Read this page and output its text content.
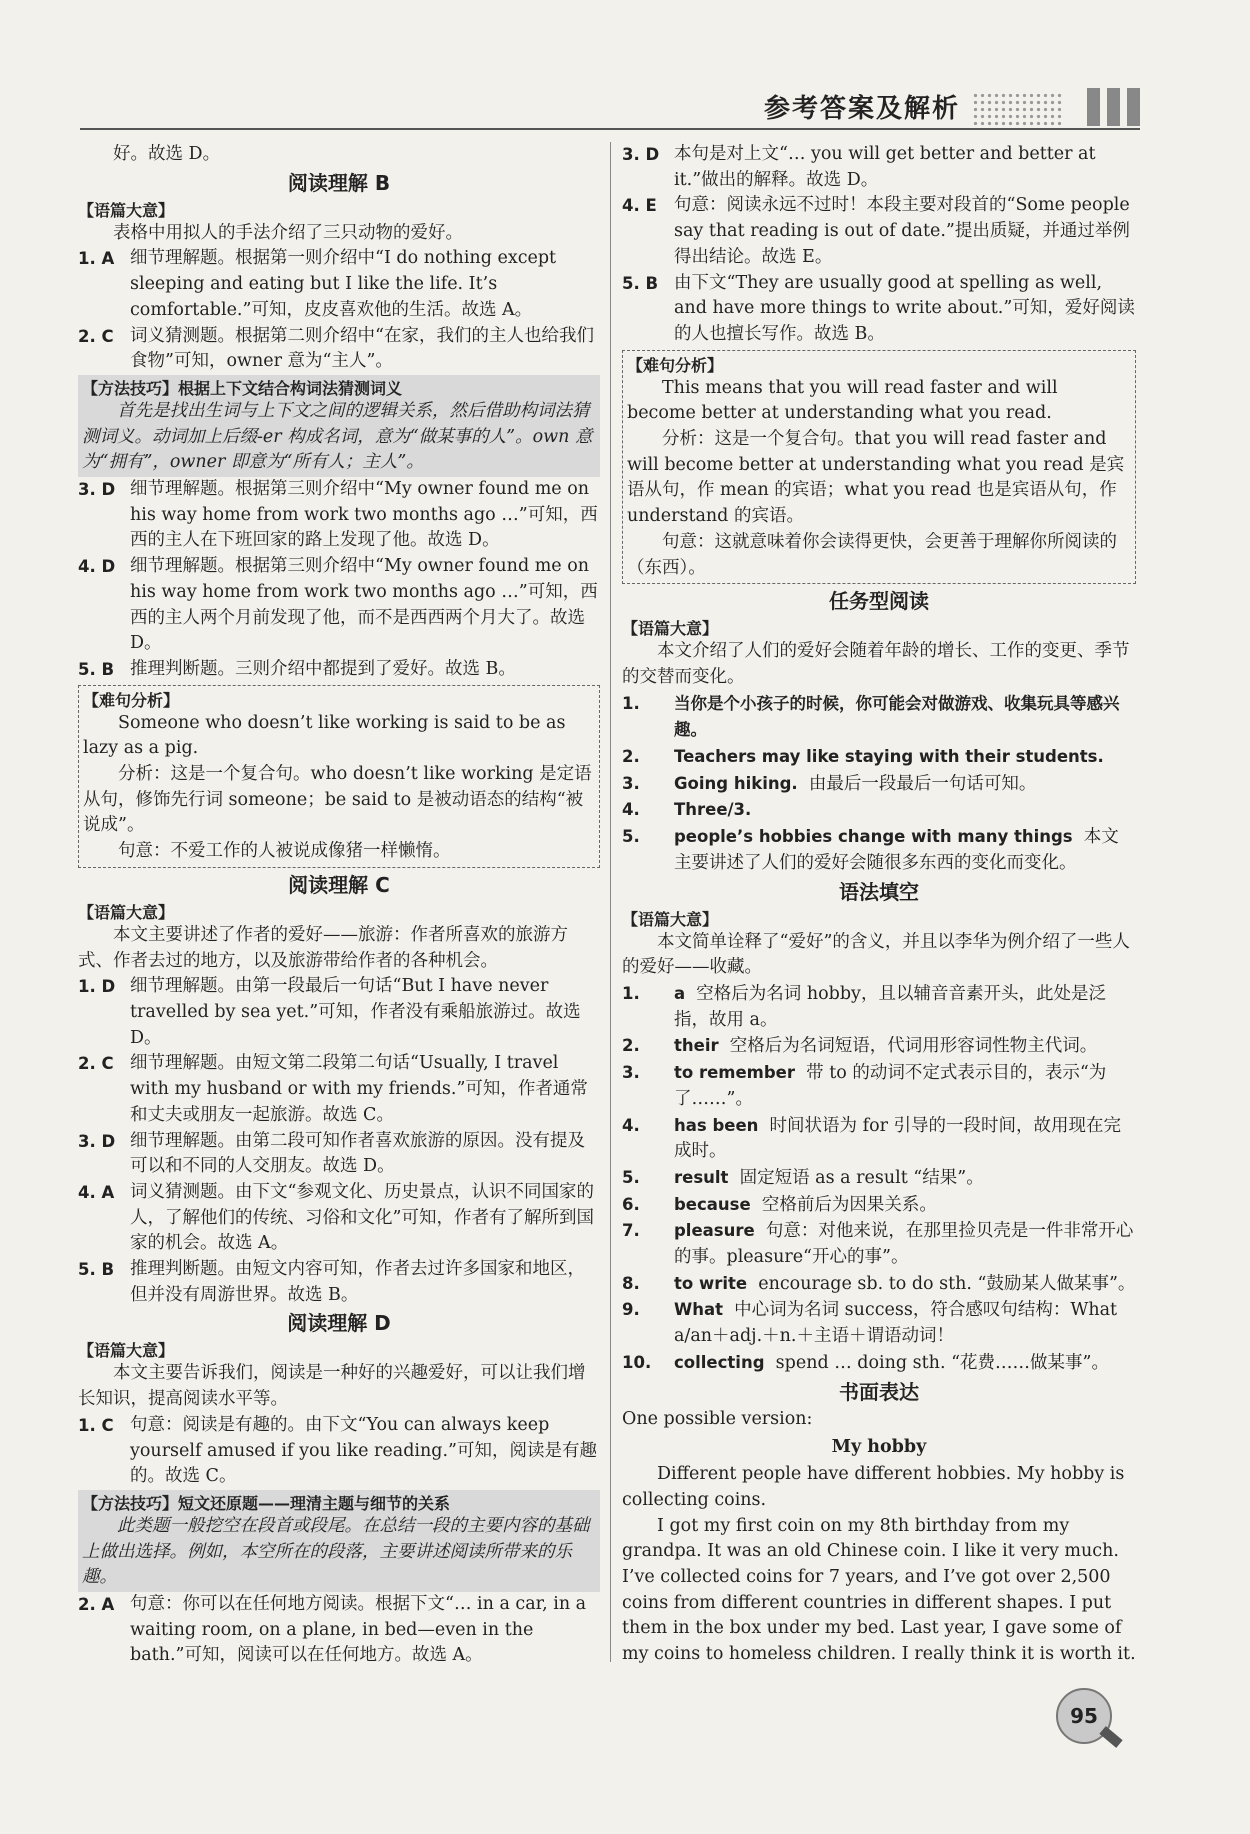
参考答案及解析

好。故选 D。

阅读理解 B

【语篇大意】

表格中用拟人的手法介绍了三只动物的爱好。

1. A 细节理解题。根据第一则介绍中“I do nothing except sleeping and eating but I like the life. It’s comfortable.”可知，皮皮喜欢他的生活。故选 A。
2. C 词义猜测题。根据第二则介绍中“在家，我们的主人也给我们食物”可知，owner 意为“主人”。
【方法技巧】根据上下文结合构词法猜测词义

首先是找出生词与上下文之间的逻辑关系，然后借助构词法猜测词义。动词加上后缀-er 构成名词，意为“做某事的人”。own 意为“拥有”，owner 即意为“所有人；主人”。

3. D 细节理解题。根据第三则介绍中“My owner found me on his way home from work two months ago …”可知，西西的主人在下班回家的路上发现了他。故选 D。
4. D 细节理解题。根据第三则介绍中“My owner found me on his way home from work two months ago …”可知，西西的主人两个月前发现了他，而不是西西两个月大了。故选 D。
5. B 推理判断题。三则介绍中都提到了爱好。故选 B。
【难句分析】

Someone who doesn’t like working is said to be as lazy as a pig.

分析：这是一个复合句。who doesn’t like working 是定语从句，修饰先行词 someone；be said to 是被动语态的结构“被说成”。

句意：不爱工作的人被说成像猪一样懒惰。

阅读理解 C

【语篇大意】

本文主要讲述了作者的爱好——旅游：作者所喜欢的旅游方式、作者去过的地方，以及旅游带给作者的各种机会。

1. D 细节理解题。由第一段最后一句话“But I have never travelled by sea yet.”可知，作者没有乘船旅游过。故选 D。
2. C 细节理解题。由短文第二段第二句话“Usually, I travel with my husband or with my friends.”可知，作者通常和丈夫或朋友一起旅游。故选 C。
3. D 细节理解题。由第二段可知作者喜欢旅游的原因。没有提及可以和不同的人交朋友。故选 D。
4. A 词义猜测题。由下文“参观文化、历史景点，认识不同国家的人，了解他们的传统、习俗和文化”可知，作者有了解所到国家的机会。故选 A。
5. B 推理判断题。由短文内容可知，作者去过许多国家和地区，但并没有周游世界。故选 B。

阅读理解 D

【语篇大意】

本文主要告诉我们，阅读是一种好的兴趣爱好，可以让我们增长知识，提高阅读水平等。

1. C 句意：阅读是有趣的。由下文“You can always keep yourself amused if you like reading.”可知，阅读是有趣的。故选 C。
【方法技巧】短文还原题——理清主题与细节的关系

此类题一般挖空在段首或段尾。在总结一段的主要内容的基础上做出选择。例如，本空所在的段落，主要讲述阅读所带来的乐趣。

2. A 句意：你可以在任何地方阅读。根据下文“… in a car, in a waiting room, on a plane, in bed—even in the bath.”可知，阅读可以在任何地方。故选 A。
3. D 本句是对上文“… you will get better and better at it.”做出的解释。故选 D。
4. E 句意：阅读永远不过时！本段主要对段首的“Some people say that reading is out of date.”提出质疑，并通过举例得出结论。故选 E。
5. B 由下文“They are usually good at spelling as well, and have more things to write about.”可知，爱好阅读的人也擅长写作。故选 B。
【难句分析】

This means that you will read faster and will become better at understanding what you read.

分析：这是一个复合句。that you will read faster and will become better at understanding what you read 是宾语从句，作 mean 的宾语；what you read 也是宾语从句，作 understand 的宾语。

句意：这就意味着你会读得更快，会更善于理解你所阅读的（东西）。

任务型阅读

【语篇大意】

本文介绍了人们的爱好会随着年龄的增长、工作的变更、季节的交替而变化。

1.	当你是个小孩子的时候，你可能会对做游戏、收集玩具等感兴趣。
2.	Teachers may like staying with their students.
3.	Going hiking. 由最后一段最后一句话可知。
4.	Three/3.
5.	people’s hobbies change with many things 本文主要讲述了人们的爱好会随很多东西的变化而变化。

语法填空

【语篇大意】

本文简单诠释了“爱好”的含义，并且以李华为例介绍了一些人的爱好——收藏。

1.	a 空格后为名词 hobby，且以辅音音素开头，此处是泛指，故用 a。
2.	their 空格后为名词短语，代词用形容词性物主代词。
3.	to remember 带 to 的动词不定式表示目的，表示“为了……”。
4.	has been 时间状语为 for 引导的一段时间，故用现在完成时。
5.	result 固定短语 as a result “结果”。
6.	because 空格前后为因果关系。
7.	pleasure 句意：对他来说，在那里捡贝壳是一件非常开心的事。pleasure“开心的事”。
8.	to write encourage sb. to do sth. “鼓励某人做某事”。
9.	What 中心词为名词 success，符合感叹句结构：What a/an＋adj.＋n.＋主语＋谓语动词！
10.	collecting spend … doing sth. “花费……做某事”。

书面表达

One possible version:

My hobby

Different people have different hobbies. My hobby is collecting coins.

I got my first coin on my 8th birthday from my grandpa. It was an old Chinese coin. I like it very much. I’ve collected coins for 7 years, and I’ve got over 2,500 coins from different countries in different shapes. I put them in the box under my bed. Last year, I gave some of my coins to homeless children. I really think it is worth it.

95
